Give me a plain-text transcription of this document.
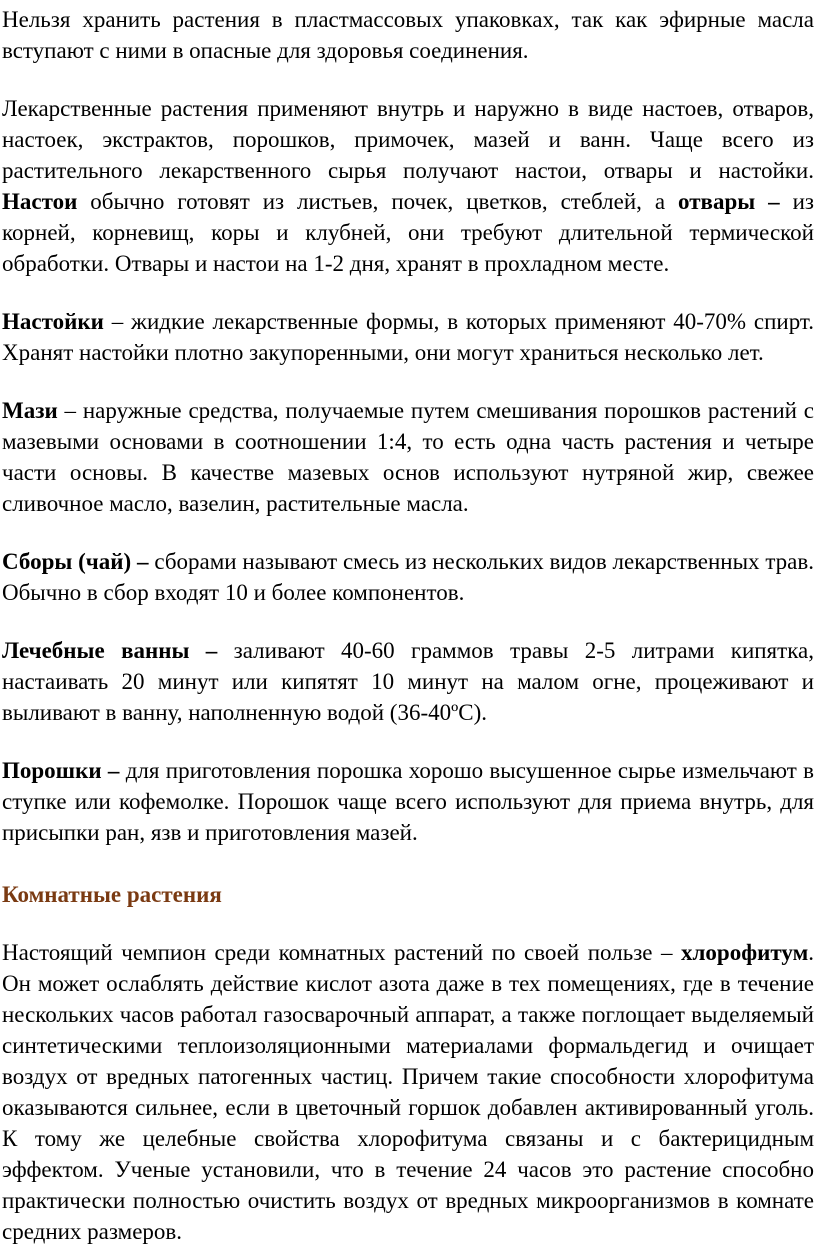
Нельзя хранить растения в пластмассовых упаковках, так как эфирные масла вступают с ними в опасные для здоровья соединения.

Лекарственные растения применяют внутрь и наружно в виде настоев, отваров, настоек, экстрактов, порошков, примочек, мазей и ванн. Чаще всего из растительного лекарственного сырья получают настои, отвары и настойки. Настои обычно готовят из листьев, почек, цветков, стеблей, а отвары – из корней, корневищ, коры и клубней, они требуют длительной термической обработки. Отвары и настои на 1-2 дня, хранят в прохладном месте.

Настойки – жидкие лекарственные формы, в которых применяют 40-70% спирт. Хранят настойки плотно закупоренными, они могут храниться несколько лет.

Мази – наружные средства, получаемые путем смешивания порошков растений с мазевыми основами в соотношении 1:4, то есть одна часть растения и четыре части основы. В качестве мазевых основ используют нутряной жир, свежее сливочное масло, вазелин, растительные масла.

Сборы (чай) – сборами называют смесь из нескольких видов лекарственных трав. Обычно в сбор входят 10 и более компонентов.

Лечебные ванны – заливают 40-60 граммов травы 2-5 литрами кипятка, настаивать 20 минут или кипятят 10 минут на малом огне, процеживают и выливают в ванну, наполненную водой (36-40ºC).

Порошки – для приготовления порошка хорошо высушенное сырье измельчают в ступке или кофемолке. Порошок чаще всего используют для приема внутрь, для присыпки ран, язв и приготовления мазей.

Комнатные растения

Настоящий чемпион среди комнатных растений по своей пользе – хлорофитум. Он может ослаблять действие кислот азота даже в тех помещениях, где в течение нескольких часов работал газосварочный аппарат, а также поглощает выделяемый синтетическими теплоизоляционными материалами формальдегид и очищает воздух от вредных патогенных частиц. Причем такие способности хлорофитума оказываются сильнее, если в цветочный горшок добавлен активированный уголь. К тому же целебные свойства хлорофитума связаны и с бактерицидным эффектом. Ученые установили, что в течение 24 часов это растение способно практически полностью очистить воздух от вредных микроорганизмов в комнате средних размеров.
